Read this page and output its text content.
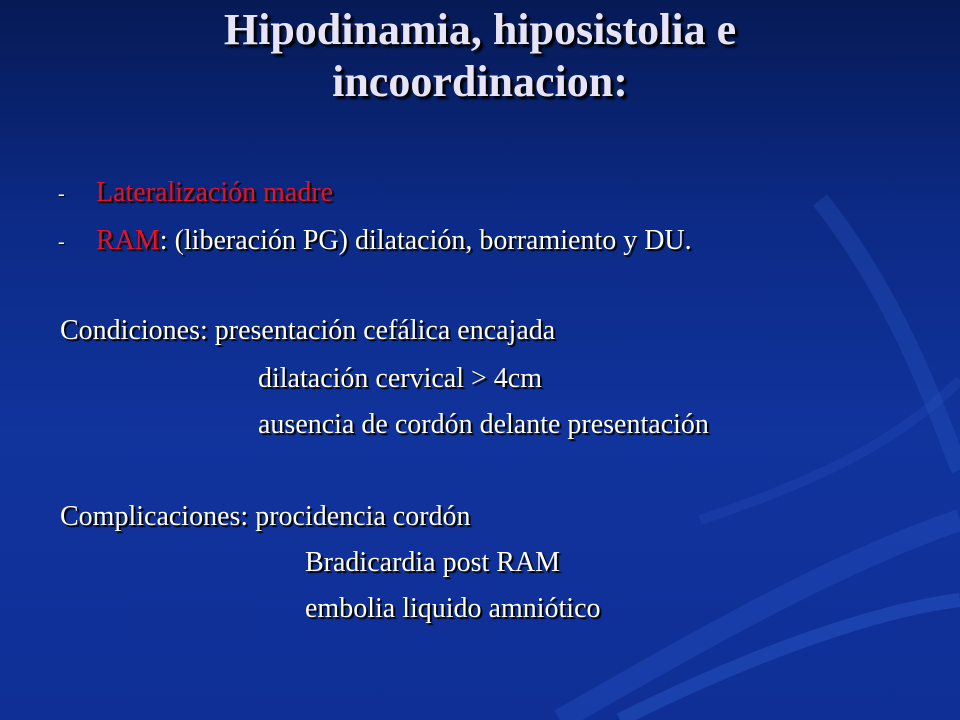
Hipodinamia, hiposistolia e
incoordinacion:
- Lateralización madre
- RAM: (liberación PG) dilatación, borramiento y DU.
Condiciones: presentación cefálica encajada
dilatación cervical > 4cm
ausencia de cordón delante presentación
Complicaciones: procidencia cordón
Bradicardia post RAM
embolia liquido amniótico
